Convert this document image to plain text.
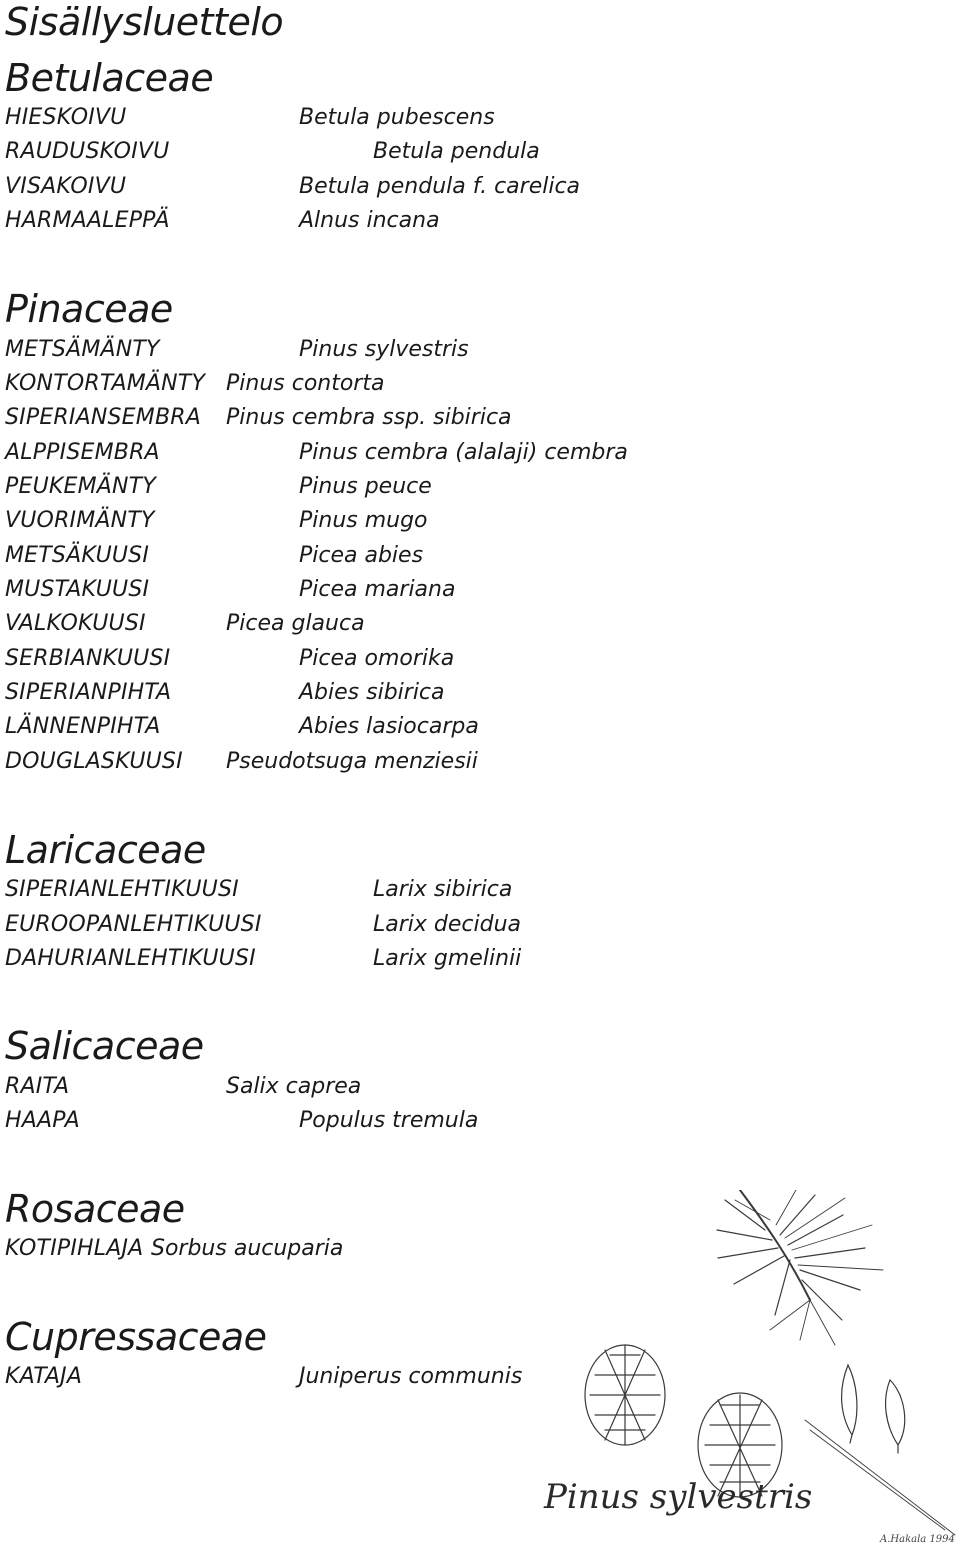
Sisällysluettelo
Betulaceae
HIESKOIVU	Betula pubescens
RAUDUSKOIVU	Betula pendula
VISAKOIVU	Betula pendula f. carelica
HARMAALEPPÄ	Alnus incana
Pinaceae
METSÄMÄNTY	Pinus sylvestris
KONTORTAMÄNTY Pinus contorta
SIPERIANSEMBRA Pinus cembra ssp. sibirica
ALPPISEMBRA	Pinus cembra (alalaji) cembra
PEUKEMÄNTY	Pinus peuce
VUORIMÄNTY	Pinus mugo
METSÄKUUSI	Picea abies
MUSTAKUUSI	Picea mariana
VALKOKUUSI	Picea glauca
SERBIANKUUSI	Picea omorika
SIPERIANPIHTA	Abies sibirica
LÄNNENPIHTA	Abies lasiocarpa
DOUGLASKUUSI Pseudotsuga menziesii
Laricaceae
SIPERIANLEHTIKUUSI	Larix sibirica
EUROOPANLEHTIKUUSI	Larix decidua
DAHURIANLEHTIKUUSI	Larix gmelinii
Salicaceae
RAITA	Salix caprea
HAAPA	Populus tremula
Rosaceae
KOTIPIHLAJA Sorbus aucuparia
Cupressaceae
KATAJA	Juniperus communis
Pinus sylvestris
A.Hakala 1994
